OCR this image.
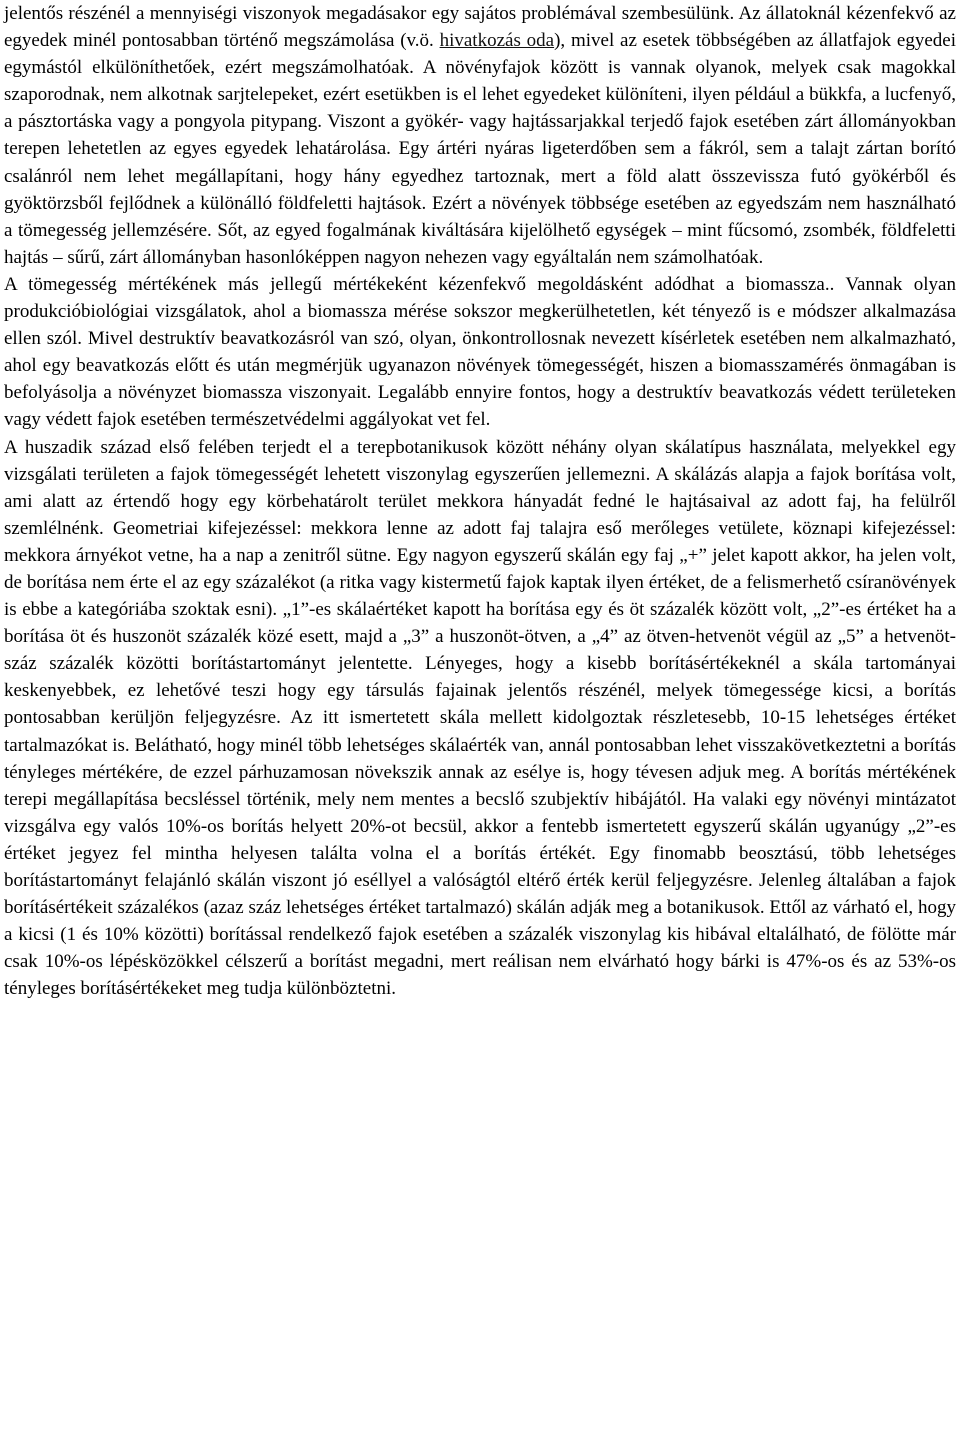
jelentős részénél a mennyiségi viszonyok megadásakor egy sajátos problémával szembesülünk. Az állatoknál kézenfekvő az egyedek minél pontosabban történő megszámolása (v.ö. hivatkozás oda), mivel az esetek többségében az állatfajok egyedei egymástól elkülöníthetőek, ezért megszámolhatóak. A növényfajok között is vannak olyanok, melyek csak magokkal szaporodnak, nem alkotnak sarjtelepeket, ezért esetükben is el lehet egyedeket különíteni, ilyen például a bükkfa, a lucfenyő, a pásztortáska vagy a pongyola pitypang. Viszont a gyökér- vagy hajtássarjakkal terjedő fajok esetében zárt állományokban terepen lehetetlen az egyes egyedek lehatárolása. Egy ártéri nyáras ligeterdőben sem a fákról, sem a talajt zártan borító csalánról nem lehet megállapítani, hogy hány egyedhez tartoznak, mert a föld alatt összevissza futó gyökérből és gyöktörzsből fejlődnek a különálló földfeletti hajtások. Ezért a növények többsége esetében az egyedszám nem használható a tömegesség jellemzésére. Sőt, az egyed fogalmának kiváltására kijelölhető egységek – mint fűcsomó, zsombék, földfeletti hajtás – sűrű, zárt állományban hasonlóképpen nagyon nehezen vagy egyáltalán nem számolhatóak.

A tömegesség mértékének más jellegű mértékeként kézenfekvő megoldásként adódhat a biomassza.. Vannak olyan produkcióbiológiai vizsgálatok, ahol a biomassza mérése sokszor megkerülhetetlen, két tényező is e módszer alkalmazása ellen szól. Mivel destruktív beavatkozásról van szó, olyan, önkontrollosnak nevezett kísérletek esetében nem alkalmazható, ahol egy beavatkozás előtt és után megmérjük ugyanazon növények tömegességét, hiszen a biomasszamérés önmagában is befolyásolja a növényzet biomassza viszonyait. Legalább ennyire fontos, hogy a destruktív beavatkozás védett területeken vagy védett fajok esetében természetvédelmi aggályokat vet fel.

A huszadik század első felében terjedt el a terepbotanikusok között néhány olyan skálatípus használata, melyekkel egy vizsgálati területen a fajok tömegességét lehetett viszonylag egyszerűen jellemezni. A skálázás alapja a fajok borítása volt, ami alatt az értendő hogy egy körbehatárolt terület mekkora hányadát fedné le hajtásaival az adott faj, ha felülről szemlélnénk. Geometriai kifejezéssel: mekkora lenne az adott faj talajra eső merőleges vetülete, köznapi kifejezéssel: mekkora árnyékot vetne, ha a nap a zenitről sütne. Egy nagyon egyszerű skálán egy faj „+” jelet kapott akkor, ha jelen volt, de borítása nem érte el az egy százalékot (a ritka vagy kistermetű fajok kaptak ilyen értéket, de a felismerhető csíranövények is ebbe a kategóriába szoktak esni). „1”-es skálaértéket kapott ha borítása egy és öt százalék között volt, „2”-es értéket ha a borítása öt és huszonöt százalék közé esett, majd a „3” a huszonöt-ötven, a „4” az ötven-hetvenöt végül az „5” a hetvenöt-száz százalék közötti borítástartományt jelentette. Lényeges, hogy a kisebb borításértékeknél a skála tartományai keskenyebbek, ez lehetővé teszi hogy egy társulás fajainak jelentős részénél, melyek tömegessége kicsi, a borítás pontosabban kerüljön feljegyzésre. Az itt ismertetett skála mellett kidolgoztak részletesebb, 10-15 lehetséges értéket tartalmazókat is. Belátható, hogy minél több lehetséges skálaérték van, annál pontosabban lehet visszakövetkeztetni a borítás tényleges mértékére, de ezzel párhuzamosan növekszik annak az esélye is, hogy tévesen adjuk meg. A borítás mértékének terepi megállapítása becsléssel történik, mely nem mentes a becslő szubjektív hibájától. Ha valaki egy növényi mintázatot vizsgálva egy valós 10%-os borítás helyett 20%-ot becsül, akkor a fentebb ismertetett egyszerű skálán ugyanúgy „2”-es értéket jegyez fel mintha helyesen találta volna el a borítás értékét. Egy finomabb beosztású, több lehetséges borítástartományt felajánló skálán viszont jó eséllyel a valóságtól eltérő érték kerül feljegyzésre. Jelenleg általában a fajok borításértékeit százalékos (azaz száz lehetséges értéket tartalmazó) skálán adják meg a botanikusok. Ettől az várható el, hogy a kicsi (1 és 10% közötti) borítással rendelkező fajok esetében a százalék viszonylag kis hibával eltalálható, de fölötte már csak 10%-os lépésközökkel célszerű a borítást megadni, mert reálisan nem elvárható hogy bárki is 47%-os és az 53%-os tényleges borításértékeket meg tudja különböztetni.
